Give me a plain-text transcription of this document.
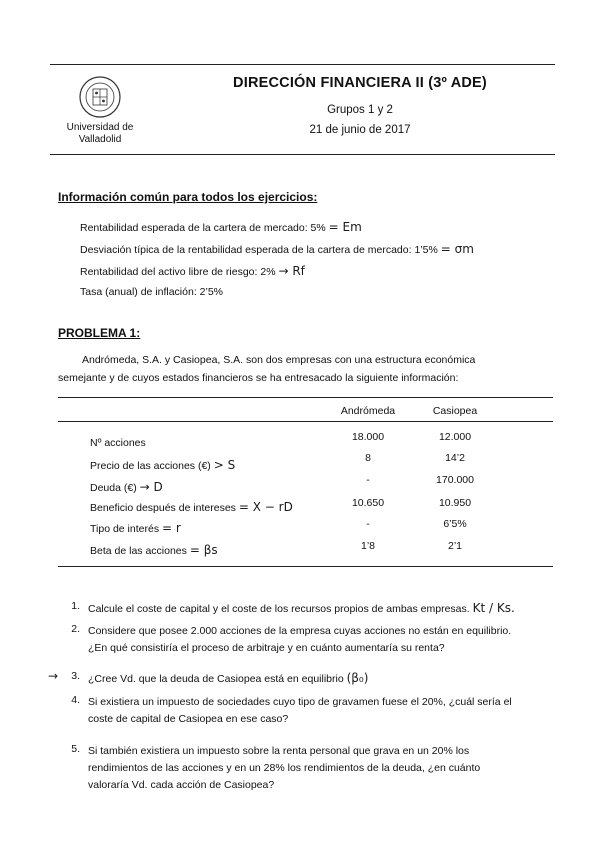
Universidad de
Valladolid
DIRECCIÓN FINANCIERA II (3º ADE)
Grupos 1 y 2
21 de junio de 2017
Información común para todos los ejercicios:
Rentabilidad esperada de la cartera de mercado: 5% = Em
Desviación típica de la rentabilidad esperada de la cartera de mercado: 1’5% = σm
Rentabilidad del activo libre de riesgo: 2% → Rf
Tasa (anual) de inflación: 2’5%
PROBLEMA 1:
Andrómeda, S.A. y Casiopea, S.A. son dos empresas con una estructura económica
semejante y de cuyos estados financieros se ha entresacado la siguiente información:
Andrómeda	Casiopea
Nº acciones	18.000	12.000
Precio de las acciones (€) > S	8	14’2
Deuda (€) → D	-	170.000
Beneficio después de intereses = X − rD	10.650	10.950
Tipo de interés = r	-	6’5%
Beta de las acciones = βs	1’8	2’1
1. Calcule el coste de capital y el coste de los recursos propios de ambas empresas. Kt / Ks.
2. Considere que posee 2.000 acciones de la empresa cuyas acciones no están en equilibrio.
¿En qué consistiría el proceso de arbitraje y en cuánto aumentaría su renta?
→	3. ¿Cree Vd. que la deuda de Casiopea está en equilibrio (β₀)
4. Si existiera un impuesto de sociedades cuyo tipo de gravamen fuese el 20%, ¿cuál sería el
coste de capital de Casiopea en ese caso?
5. Si también existiera un impuesto sobre la renta personal que grava en un 20% los
rendimientos de las acciones y en un 28% los rendimientos de la deuda, ¿en cuánto
valoraría Vd. cada acción de Casiopea?
